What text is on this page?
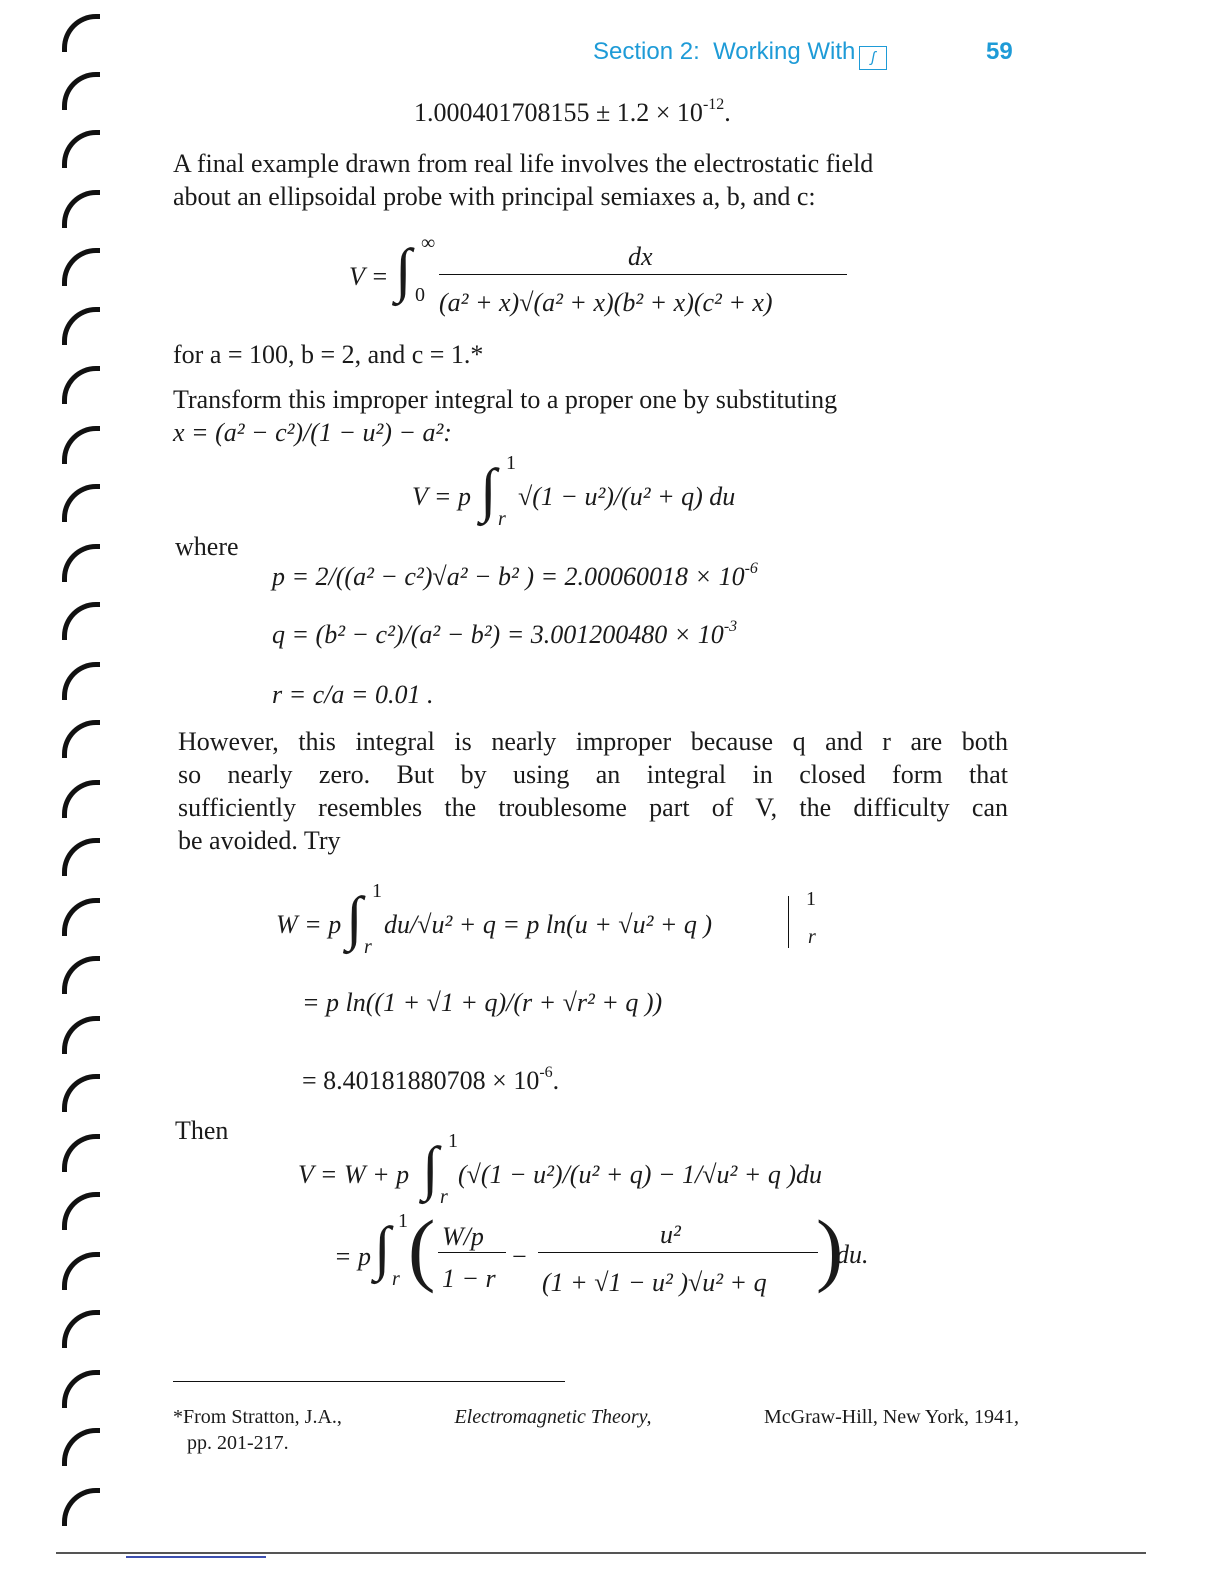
Section 2: Working With ʃ	59
$1.000401708155 \pm 1.2 \times 10^{-12}$.
A final example drawn from real life involves the electrostatic field
about an ellipsoidal probe with principal semiaxes a, b, and c:
V = ∫ ∞
0
dx
(a² + x)√(a² + x)(b² + x)(c² + x)
for a = 100, b = 2, and c = 1.*
Transform this improper integral to a proper one by substituting
x = (a² − c²)/(1 − u²) − a²:
V = p ∫ 1
r
√(1 − u²)/(u² + q) du
where
p = 2/((a² − c²)√a² − b² ) = $2.00060018 \times 10^{-6}$
$q = (b^2 - c^2)/(a^2 - b^2) = 3.001200480 \times 10^{-3}$
r = c/a = 0.01 .
However, this integral is nearly improper because q and r are both
so nearly zero. But by using an integral in closed form that
sufficiently resembles the troublesome part of V, the difficulty can
be avoided. Try
W = p ∫ 1
r
du/√u² + q = p ln(u + √u² + q )
1
r
= p ln((1 + √1 + q)/(r + √r² + q ))
= $8.40181880708 \times 10^{-6}$.
Then
V = W + p ∫ 1
r
(√(1 − u²)/(u² + q) − 1/√u² + q )du
= p ∫ 1
r ( W/p
1 − r
−
u²
(1 + √1 − u² )√u² + q )
du.
*From Stratton, J.A.,	Electromagnetic Theory,	McGraw-Hill, New York, 1941,
pp. 201-217.
